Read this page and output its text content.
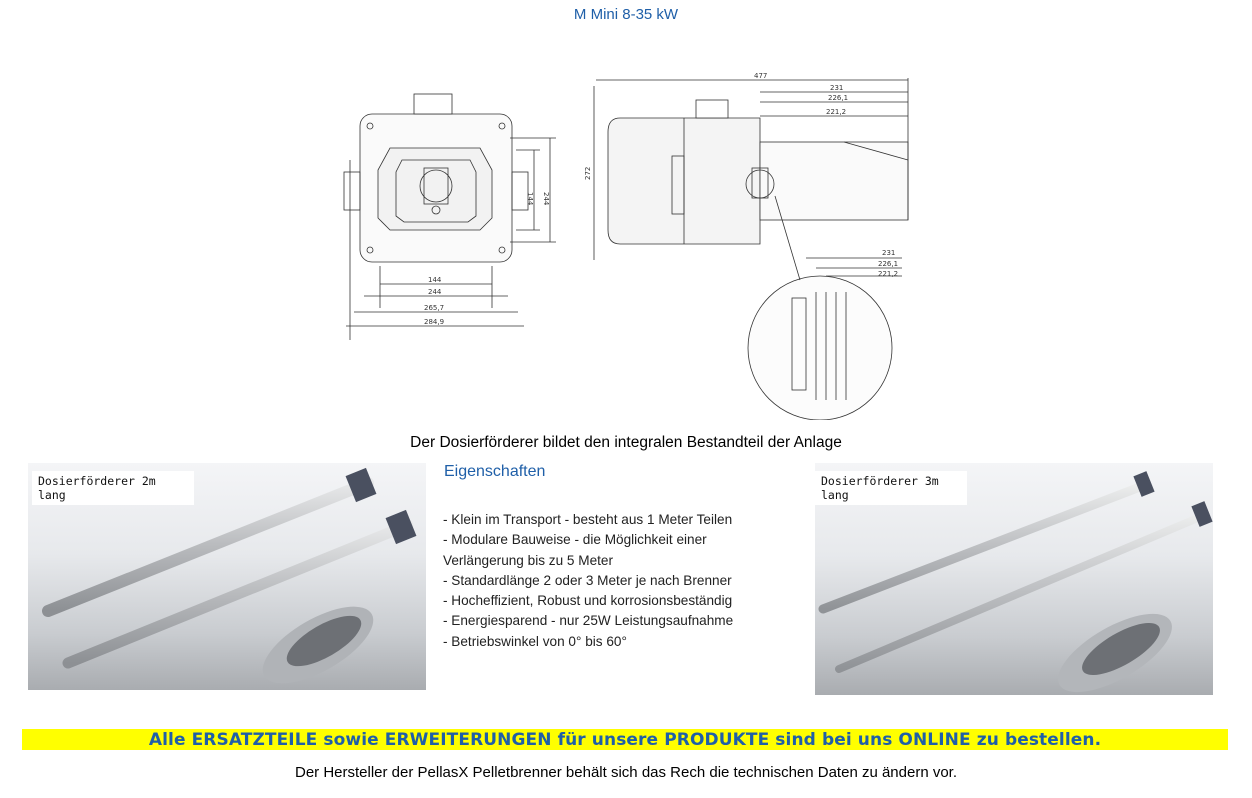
M Mini 8-35 kW
144
244
265,7
284,9
144 244
477
231
226,1
221,2
272
231
226,1
221,2
Der Dosierförderer bildet den integralen Bestandteil der Anlage
Dosierförderer 2m lang
Eigenschaften
- Klein im Transport - besteht aus 1 Meter Teilen
- Modulare Bauweise - die Möglichkeit einer
Verlängerung bis zu 5 Meter
- Standardlänge 2 oder 3 Meter je nach Brenner
- Hocheffizient, Robust und korrosionsbeständig
- Energiesparend - nur 25W Leistungsaufnahme
- Betriebswinkel von 0° bis 60°
Dosierförderer 3m lang
Alle ERSATZTEILE sowie ERWEITERUNGEN für unsere PRODUKTE sind bei uns ONLINE zu bestellen.
Der Hersteller der PellasX Pelletbrenner behält sich das Rech die technischen Daten zu ändern vor.
